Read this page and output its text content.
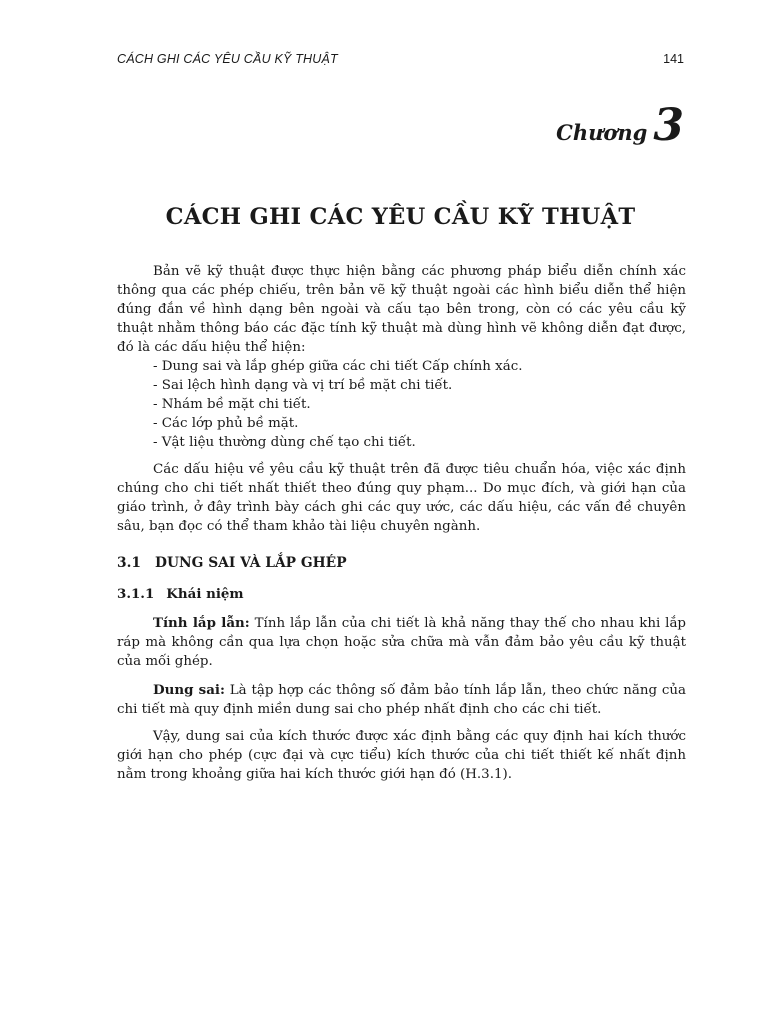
CÁCH GHI CÁC YÊU CẦU KỸ THUẬT	141
Chương 3
CÁCH GHI CÁC YÊU CẦU KỸ THUẬT

Bản vẽ kỹ thuật được thực hiện bằng các phương pháp biểu diễn chính xác thông qua các phép chiếu, trên bản vẽ kỹ thuật ngoài các hình biểu diễn thể hiện đúng đắn về hình dạng bên ngoài và cấu tạo bên trong, còn có các yêu cầu kỹ thuật nhằm thông báo các đặc tính kỹ thuật mà dùng hình vẽ không diễn đạt được, đó là các dấu hiệu thể hiện:

- Dung sai và lắp ghép giữa các chi tiết Cấp chính xác.

- Sai lệch hình dạng và vị trí bề mặt chi tiết.

- Nhám bề mặt chi tiết.

- Các lớp phủ bề mặt.

- Vật liệu thường dùng chế tạo chi tiết.

Các dấu hiệu về yêu cầu kỹ thuật trên đã được tiêu chuẩn hóa, việc xác định chúng cho chi tiết nhất thiết theo đúng quy phạm... Do mục đích, và giới hạn của giáo trình, ở đây trình bày cách ghi các quy ước, các dấu hiệu, các vấn đề chuyên sâu, bạn đọc có thể tham khảo tài liệu chuyên ngành.

3.1 DUNG SAI VÀ LẮP GHÉP

3.1.1 Khái niệm

Tính lắp lẫn: Tính lắp lẫn của chi tiết là khả năng thay thế cho nhau khi lắp ráp mà không cần qua lựa chọn hoặc sửa chữa mà vẫn đảm bảo yêu cầu kỹ thuật của mối ghép.

Dung sai: Là tập hợp các thông số đảm bảo tính lắp lẫn, theo chức năng của chi tiết mà quy định miền dung sai cho phép nhất định cho các chi tiết.

Vậy, dung sai của kích thước được xác định bằng các quy định hai kích thước giới hạn cho phép (cực đại và cực tiểu) kích thước của chi tiết thiết kế nhất định nằm trong khoảng giữa hai kích thước giới hạn đó (H.3.1).
